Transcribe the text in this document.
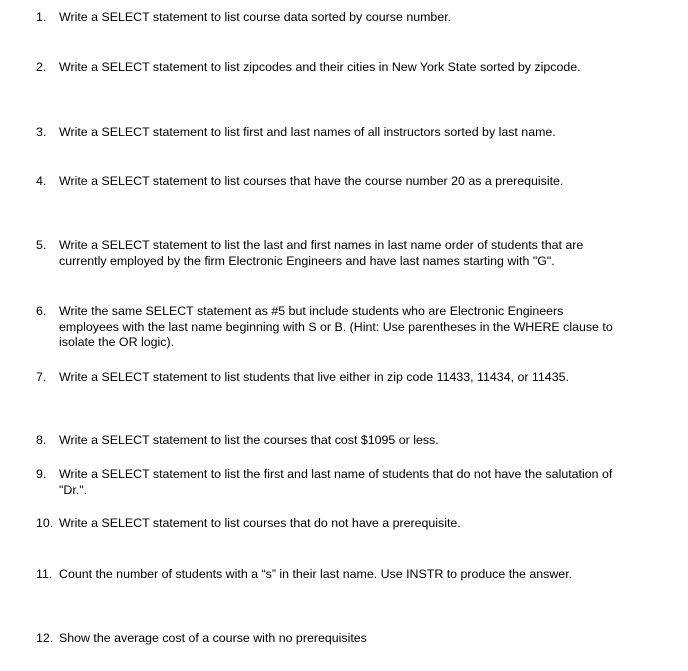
1. Write a SELECT statement to list course data sorted by course number.
2. Write a SELECT statement to list zipcodes and their cities in New York State sorted by zipcode.
3. Write a SELECT statement to list first and last names of all instructors sorted by last name.
4. Write a SELECT statement to list courses that have the course number 20 as a prerequisite.
5. Write a SELECT statement to list the last and first names in last name order of students that are currently employed by the firm Electronic Engineers and have last names starting with "G".
6. Write the same SELECT statement as #5 but include students who are Electronic Engineers employees with the last name beginning with S or B. (Hint: Use parentheses in the WHERE clause to isolate the OR logic).
7. Write a SELECT statement to list students that live either in zip code 11433, 11434, or 11435.
8. Write a SELECT statement to list the courses that cost $1095 or less.
9. Write a SELECT statement to list the first and last name of students that do not have the salutation of "Dr.".
10. Write a SELECT statement to list courses that do not have a prerequisite.
11. Count the number of students with a “s” in their last name. Use INSTR to produce the answer.
12. Show the average cost of a course with no prerequisites
